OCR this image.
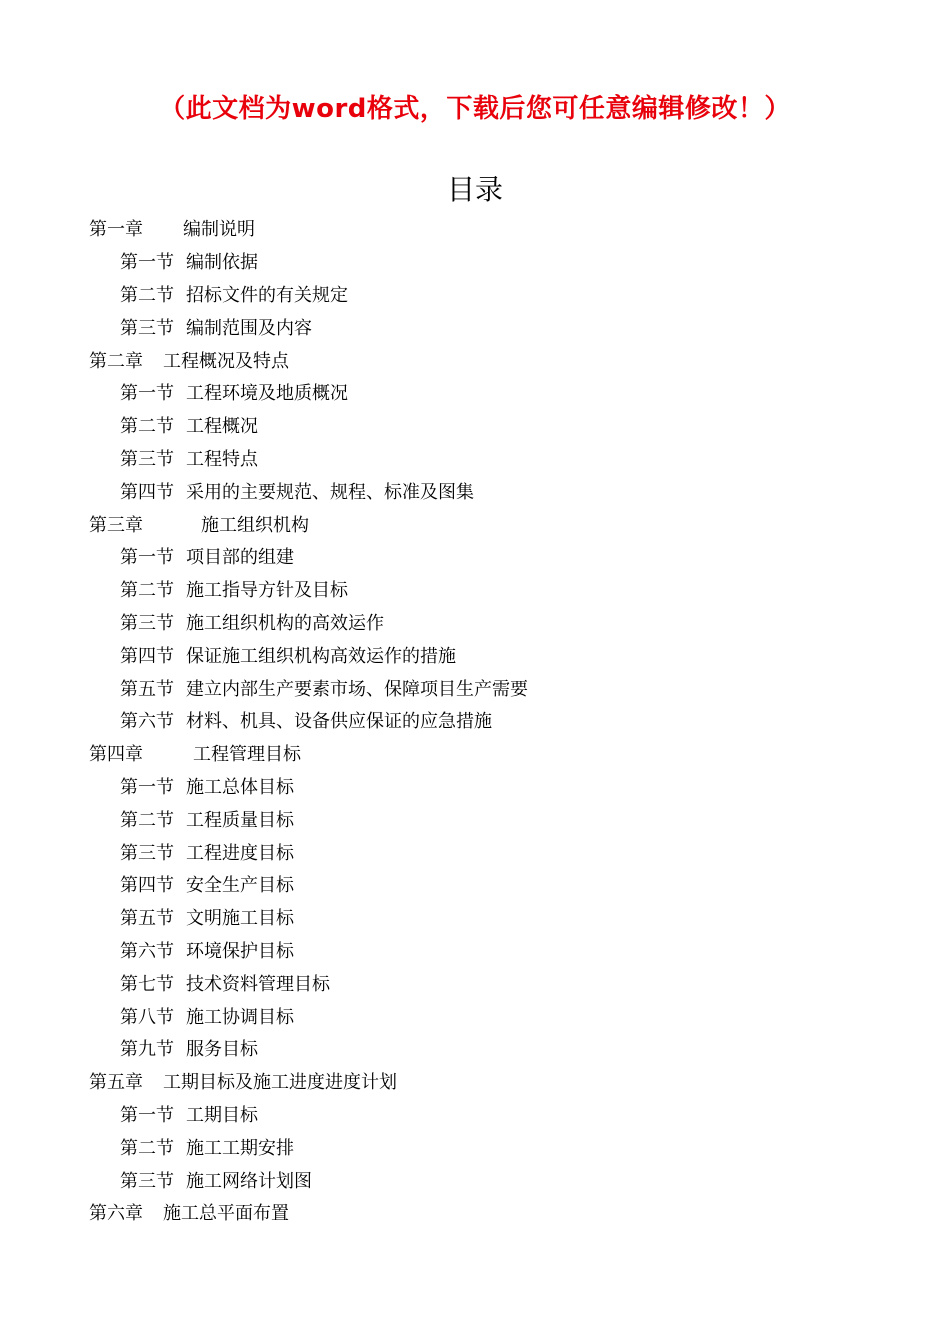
（此文档为word格式，下载后您可任意编辑修改！）
目录
第一章 编制说明
第一节 编制依据
第二节 招标文件的有关规定
第三节 编制范围及内容
第二章 工程概况及特点
第一节 工程环境及地质概况
第二节 工程概况
第三节 工程特点
第四节 采用的主要规范、规程、标准及图集
第三章	施工组织机构
第一节 项目部的组建
第二节 施工指导方针及目标
第三节 施工组织机构的高效运作
第四节 保证施工组织机构高效运作的措施
第五节 建立内部生产要素市场、保障项目生产需要
第六节 材料、机具、设备供应保证的应急措施
第四章	工程管理目标
第一节 施工总体目标
第二节 工程质量目标
第三节 工程进度目标
第四节 安全生产目标
第五节 文明施工目标
第六节 环境保护目标
第七节 技术资料管理目标
第八节 施工协调目标
第九节 服务目标
第五章 工期目标及施工进度进度计划
第一节 工期目标
第二节 施工工期安排
第三节 施工网络计划图
第六章 施工总平面布置
